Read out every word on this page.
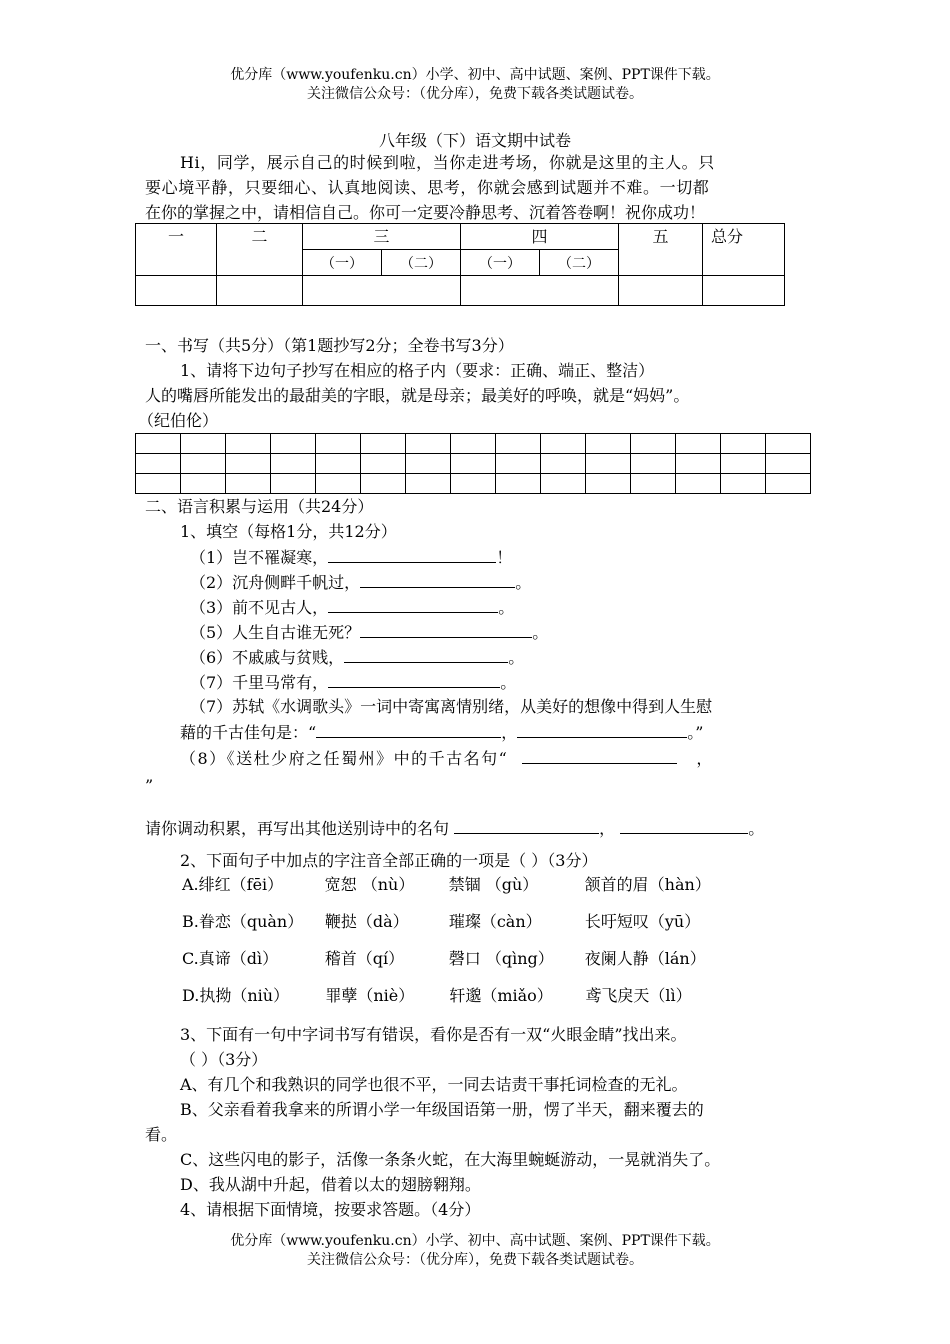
优分库（www.youfenku.cn）小学、初中、高中试题、案例、PPT课件下载。
关注微信公众号：（优分库），免费下载各类试题试卷。
八年级（下）语文期中试卷
Hi，同学，展示自己的时候到啦，当你走进考场，你就是这里的主人。只
要心境平静，只要细心、认真地阅读、思考，你就会感到试题并不难。一切都
在你的掌握之中，请相信自己。你可一定要冷静思考、沉着答卷啊！祝你成功！
一	二	三		四		五	总分
		（一）	（二）	（一）	（二）		

一、书写（共5分）（第1题抄写2分；全卷书写3分）
1、请将下边句子抄写在相应的格子内（要求：正确、端正、整洁）
人的嘴唇所能发出的最甜美的字眼，就是母亲；最美好的呼唤，就是“妈妈”。
（纪伯伦）

二、语言积累与运用（共24分）
1、填空（每格1分，共12分）
（1）岂不罹凝寒，	！
（2）沉舟侧畔千帆过，	。
（3）前不见古人，	。
（5）人生自古谁无死？	。
（6）不戚戚与贫贱，	。
（7）千里马常有，	。
（7）苏轼《水调歌头》一词中寄寓离情别绪，从美好的想像中得到人生慰
藉的千古佳句是：“	，	。”
（8）《送杜少府之任蜀州》中的千古名句“	，
”
请你调动积累，再写出其他送别诗中的名句	，	。
2、下面句子中加点的字注音全部正确的一项是（ ）（3分）
A.绯红（fēi）	宽恕 （nù） 禁锢 （gù）	颔首的眉（hàn）
B.眷恋（quàn） 鞭挞（dà）	璀璨（càn）	长吁短叹（yū）
C.真谛（dì）	稽首（qí）	磬口 （qìng） 夜阑人静（lán）
D.执拗（niù） 罪孽（niè） 轩邈（miǎo） 鸢飞戾天（lì）
3、下面有一句中字词书写有错误，看你是否有一双“火眼金睛”找出来。
（ ）（3分）
A、有几个和我熟识的同学也很不平，一同去诘责干事托词检查的无礼。
B、父亲看着我拿来的所谓小学一年级国语第一册，愣了半天，翻来覆去的
看。
C、这些闪电的影子，活像一条条火蛇，在大海里蜿蜒游动，一晃就消失了。
D、我从湖中升起，借着以太的翅膀翱翔。
4、请根据下面情境，按要求答题。（4分）
优分库（www.youfenku.cn）小学、初中、高中试题、案例、PPT课件下载。
关注微信公众号：（优分库），免费下载各类试题试卷。
